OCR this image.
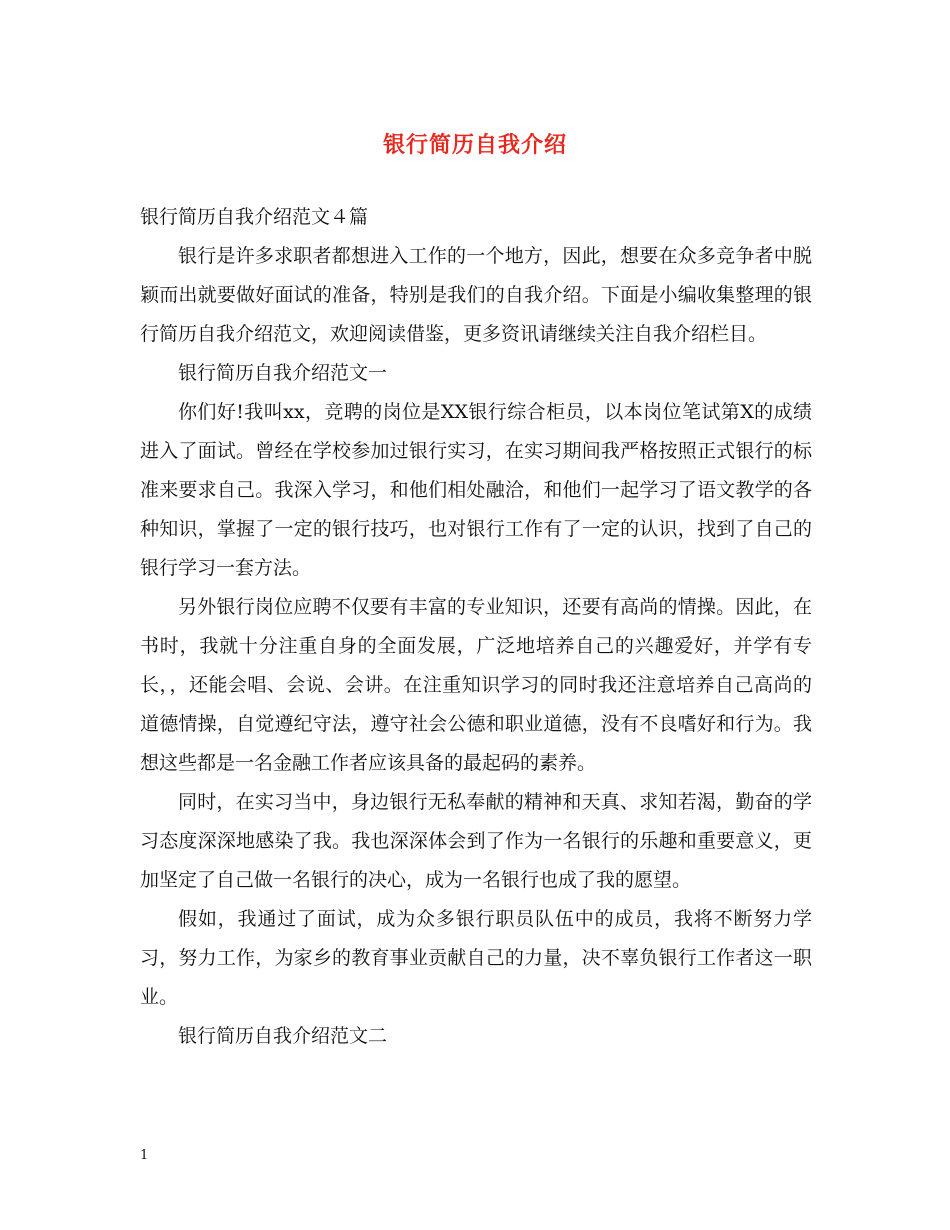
银行简历自我介绍

银行简历自我介绍范文４篇

银行是许多求职者都想进入工作的一个地方，因此，想要在众多竞争者中脱颖而出就要做好面试的准备，特别是我们的自我介绍。下面是小编收集整理的银行简历自我介绍范文，欢迎阅读借鉴，更多资讯请继续关注自我介绍栏目。

银行简历自我介绍范文一

你们好!我叫xx，竞聘的岗位是XX银行综合柜员，以本岗位笔试第X的成绩进入了面试。曾经在学校参加过银行实习，在实习期间我严格按照正式银行的标准来要求自己。我深入学习，和他们相处融洽，和他们一起学习了语文教学的各种知识，掌握了一定的银行技巧，也对银行工作有了一定的认识，找到了自己的银行学习一套方法。

另外银行岗位应聘不仅要有丰富的专业知识，还要有高尚的情操。因此，在书时，我就十分注重自身的全面发展，广泛地培养自己的兴趣爱好，并学有专长，，还能会唱、会说、会讲。在注重知识学习的同时我还注意培养自己高尚的道德情操，自觉遵纪守法，遵守社会公德和职业道德，没有不良嗜好和行为。我想这些都是一名金融工作者应该具备的最起码的素养。

同时，在实习当中，身边银行无私奉献的精神和天真、求知若渴，勤奋的学习态度深深地感染了我。我也深深体会到了作为一名银行的乐趣和重要意义，更加坚定了自己做一名银行的决心，成为一名银行也成了我的愿望。

假如，我通过了面试，成为众多银行职员队伍中的成员，我将不断努力学习，努力工作，为家乡的教育事业贡献自己的力量，决不辜负银行工作者这一职业。

银行简历自我介绍范文二

1
